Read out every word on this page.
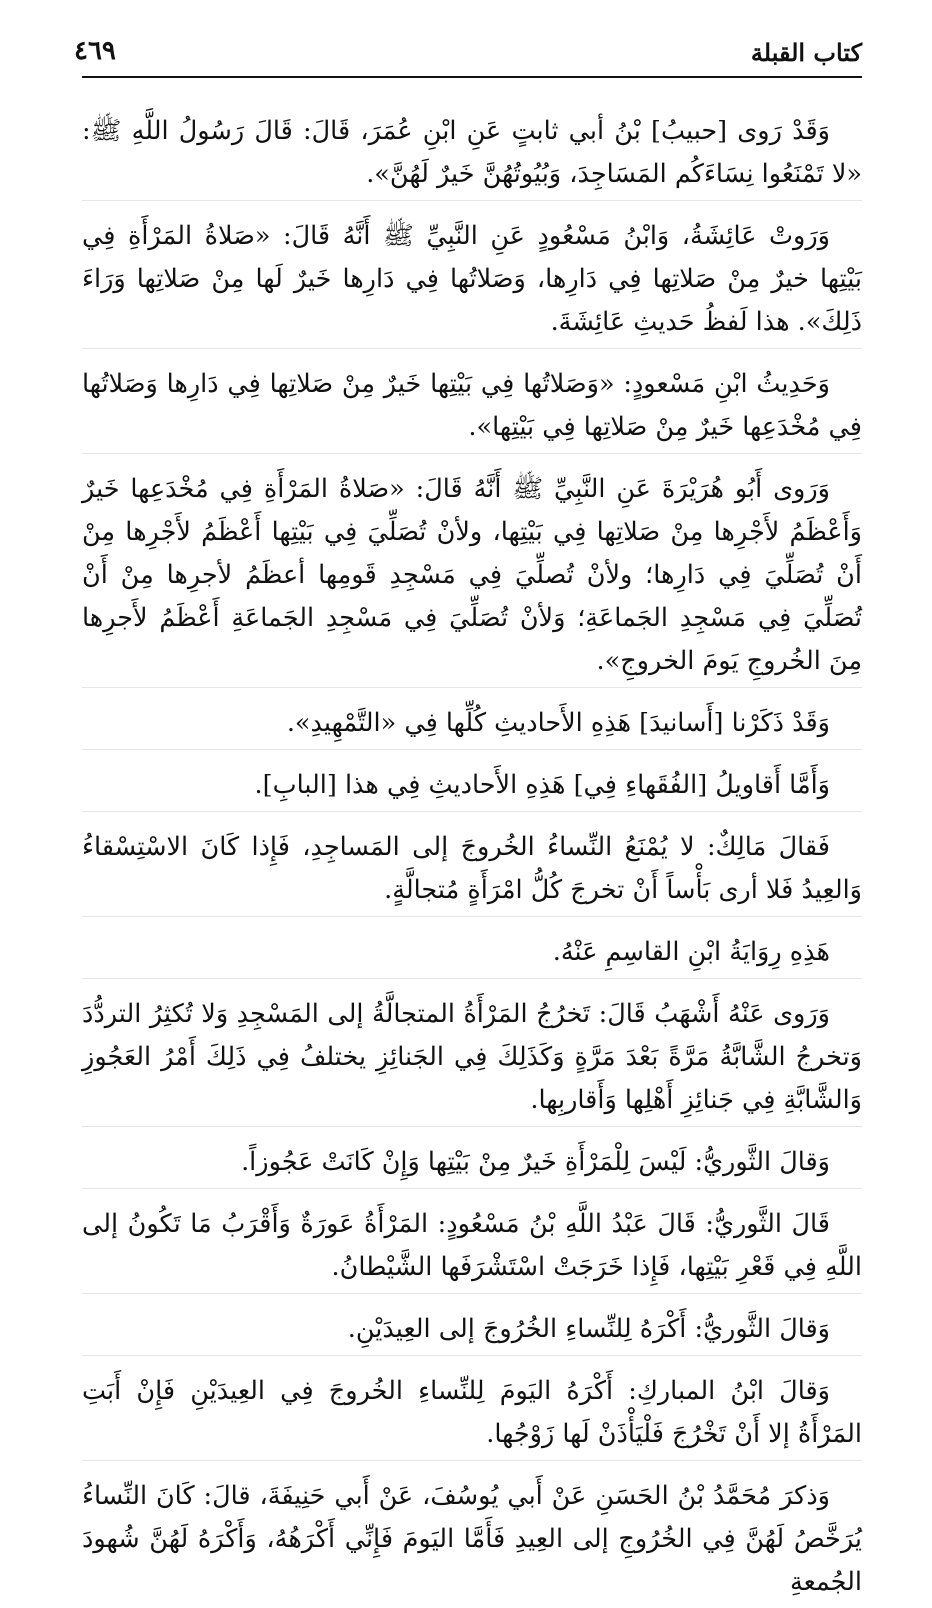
كتاب القبلة
٤٦٩

وَقَدْ رَوى [حبيبُ] بْنُ أبي ثابتٍ عَنِ ابْنِ عُمَرَ، قَالَ: قَالَ رَسُولُ اللَّهِ ﷺ: «لا تَمْنَعُوا نِسَاءَكُم المَسَاجِدَ، وَبُيُوتُهُنَّ خَيرٌ لَهُنَّ».

وَرَوتْ عَائِشَةُ، وَابْنُ مَسْعُودٍ عَنِ النَّبِيِّ ﷺ أَنَّهُ قَالَ: «صَلاةُ المَرْأَةِ فِي بَيْتِها خيرٌ مِنْ صَلاتِها فِي دَارِها، وَصَلاتُها فِي دَارِها خَيرٌ لَها مِنْ صَلاتِها وَرَاءَ ذَلِكَ». هذا لَفظُ حَديثِ عَائِشَةَ.

وَحَدِيثُ ابْنِ مَسْعودٍ: «وَصَلاتُها فِي بَيْتِها خَيرٌ مِنْ صَلاتِها فِي دَارِها وَصَلاتُها فِي مُخْدَعِها خَيرٌ مِنْ صَلاتِها فِي بَيْتِها».

وَرَوى أَبُو هُرَيْرَةَ عَنِ النَّبِيِّ ﷺ أَنَّهُ قَالَ: «صَلاةُ المَرْأَةِ فِي مُخْدَعِها خَيرٌ وَأَعْظَمُ لأَجْرِها مِنْ صَلاتِها فِي بَيْتِها، ولأنْ تُصَلِّيَ فِي بَيْتِها أَعْظَمُ لأَجْرِها مِنْ أَنْ تُصَلِّيَ فِي دَارِها؛ ولأنْ تُصلِّيَ فِي مَسْجِدِ قَومِها أعظَمُ لأجرِها مِنْ أَنْ تُصَلِّيَ فِي مَسْجِدِ الجَماعَةِ؛ وَلأنْ تُصَلِّيَ فِي مَسْجِدِ الجَماعَةِ أَعْظَمُ لأَجرِها مِنَ الخُروجِ يَومَ الخروجِ».

وَقَدْ ذَكَرْنا [أَسانيدَ] هَذِهِ الأَحاديثِ كُلِّها فِي «التَّمْهِيدِ».

وَأَمَّا أَقاويلُ [الفُقَهاءِ فِي] هَذِهِ الأَحاديثِ فِي هذا [البابِ].

فَقالَ مَالِكٌ: لا يُمْنَعُ النِّساءُ الخُروجَ إلى المَساجِدِ، فَإِذا كَانَ الاسْتِسْقاءُ وَالعِيدُ فَلا أرى بَأْساً أَنْ تخرجَ كُلُّ امْرَأَةٍ مُتجالَّةٍ.

هَذِهِ رِوَايَةُ ابْنِ القاسِمِ عَنْهُ.

وَرَوى عَنْهُ أَشْهَبُ قَالَ: تَخرُجُ المَرْأَةُ المتجالَّةُ إلى المَسْجِدِ وَلا تُكثِرُ التردُّدَ وَتخرجُ الشَّابَّةُ مَرَّةً بَعْدَ مَرَّةٍ وَكَذَلِكَ فِي الجَنائِزِ يختلفُ فِي ذَلِكَ أَمْرُ العَجُوزِ وَالشَّابَّةِ فِي جَنائِزِ أَهْلِها وَأَقاربِها.

وَقالَ الثَّوريُّ: لَيْسَ لِلْمَرْأَةِ خَيرٌ مِنْ بَيْتِها وَإِنْ كَانَتْ عَجُوزاً.

قَالَ الثَّوريُّ: قَالَ عَبْدُ اللَّهِ بْنُ مَسْعُودٍ: المَرْأَةُ عَورَةٌ وَأَقْرَبُ مَا تَكُونُ إلى اللَّهِ فِي قَعْرِ بَيْتِها، فَإِذا خَرَجَتْ اسْتَشْرَفَها الشَّيْطانُ.

وَقالَ الثَّوريُّ: أَكْرَهُ لِلنِّساءِ الخُرُوجَ إلى العِيدَيْنِ.

وَقالَ ابْنُ المباركِ: أَكْرَهُ اليَومَ لِلنِّساءِ الخُروجَ فِي العِيدَيْنِ فَإِنْ أَبَتِ المَرْأَةُ إلا أَنْ تَخْرُجَ فَلْيَأْذَنْ لَها زَوْجُها.

وَذكرَ مُحَمَّدُ بْنُ الحَسَنِ عَنْ أَبي يُوسُفَ، عَنْ أَبي حَنِيفَةَ، قالَ: كَانَ النِّساءُ يُرَخَّصُ لَهُنَّ فِي الخُرُوجِ إلى العِيدِ فَأَمَّا اليَومَ فَإِنِّي أَكْرَهُهُ، وَأَكْرَهُ لَهُنَّ شُهودَ الجُمعةِ
